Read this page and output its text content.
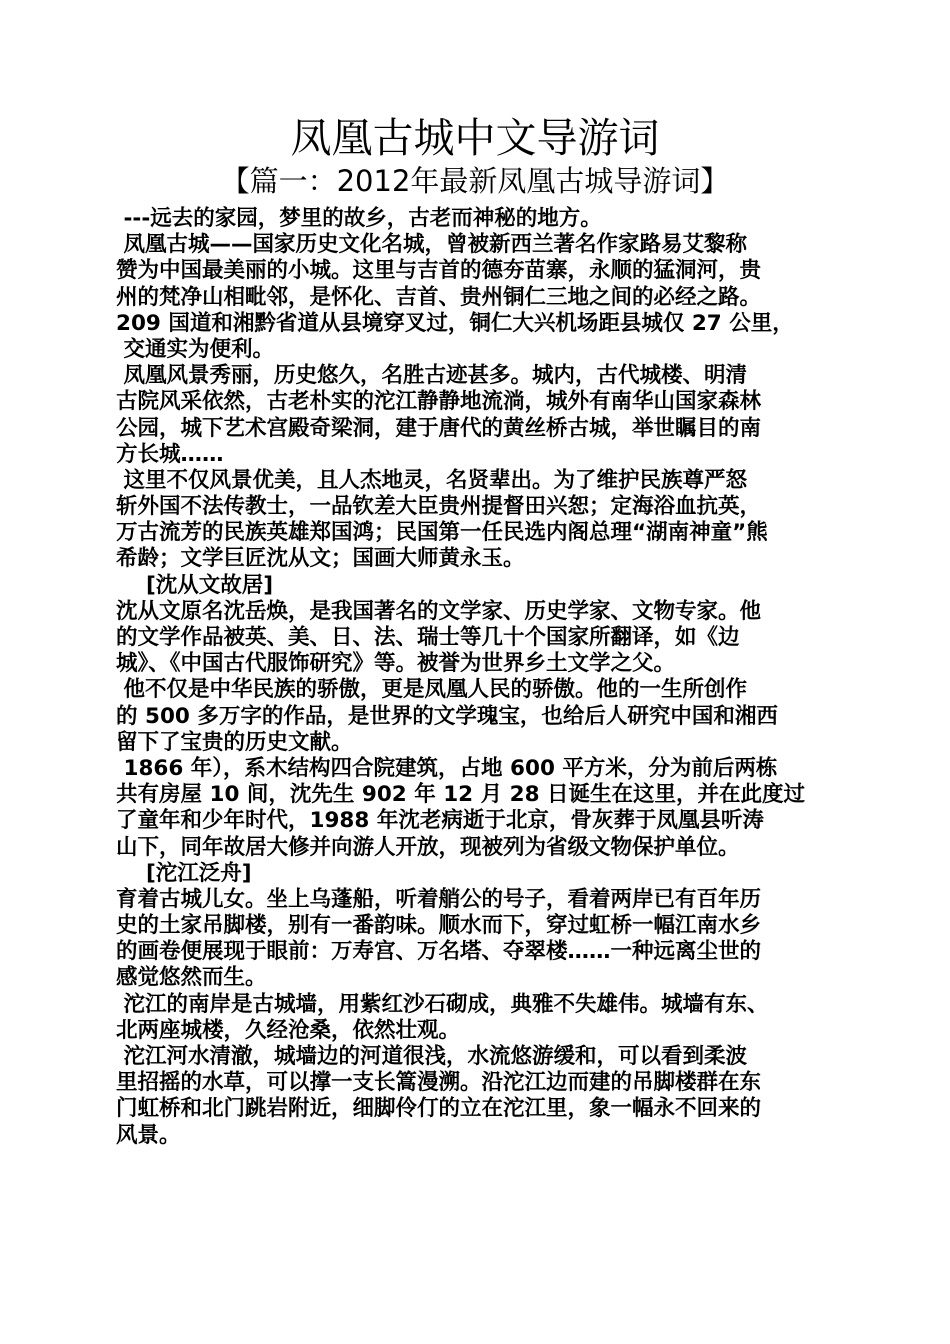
凤凰古城中文导游词
【篇一：2012年最新凤凰古城导游词】
---远去的家园，梦里的故乡，古老而神秘的地方。
凤凰古城——国家历史文化名城，曾被新西兰著名作家路易艾黎称
赞为中国最美丽的小城。这里与吉首的德夯苗寨，永顺的猛洞河，贵
州的梵净山相毗邻，是怀化、吉首、贵州铜仁三地之间的必经之路。
209 国道和湘黔省道从县境穿叉过，铜仁大兴机场距县城仅 27 公里，
交通实为便利。
凤凰风景秀丽，历史悠久，名胜古迹甚多。城内，古代城楼、明清
古院风采依然，古老朴实的沱江静静地流淌，城外有南华山国家森林
公园，城下艺术宫殿奇梁洞，建于唐代的黄丝桥古城，举世瞩目的南
方长城……
这里不仅风景优美，且人杰地灵，名贤辈出。为了维护民族尊严怒
斩外国不法传教士，一品钦差大臣贵州提督田兴恕；定海浴血抗英，
万古流芳的民族英雄郑国鸿；民国第一任民选内阁总理“湖南神童”熊
希龄；文学巨匠沈从文；国画大师黄永玉。
[沈从文故居]
沈从文原名沈岳焕，是我国著名的文学家、历史学家、文物专家。他
的文学作品被英、美、日、法、瑞士等几十个国家所翻译，如《边
城》、《中国古代服饰研究》等。被誉为世界乡土文学之父。
他不仅是中华民族的骄傲，更是凤凰人民的骄傲。他的一生所创作
的 500 多万字的作品，是世界的文学瑰宝，也给后人研究中国和湘西
留下了宝贵的历史文献。
1866 年），系木结构四合院建筑，占地 600 平方米，分为前后两栋
共有房屋 10 间，沈先生 902 年 12 月 28 日诞生在这里，并在此度过
了童年和少年时代，1988 年沈老病逝于北京，骨灰葬于凤凰县听涛
山下，同年故居大修并向游人开放，现被列为省级文物保护单位。
[沱江泛舟]
育着古城儿女。坐上乌蓬船，听着艄公的号子，看着两岸已有百年历
史的土家吊脚楼，别有一番韵味。顺水而下，穿过虹桥一幅江南水乡
的画卷便展现于眼前：万寿宫、万名塔、夺翠楼……一种远离尘世的
感觉悠然而生。
沱江的南岸是古城墙，用紫红沙石砌成，典雅不失雄伟。城墙有东、
北两座城楼，久经沧桑，依然壮观。
沱江河水清澈，城墙边的河道很浅，水流悠游缓和，可以看到柔波
里招摇的水草，可以撑一支长篙漫溯。沿沱江边而建的吊脚楼群在东
门虹桥和北门跳岩附近，细脚伶仃的立在沱江里，象一幅永不回来的
风景。
